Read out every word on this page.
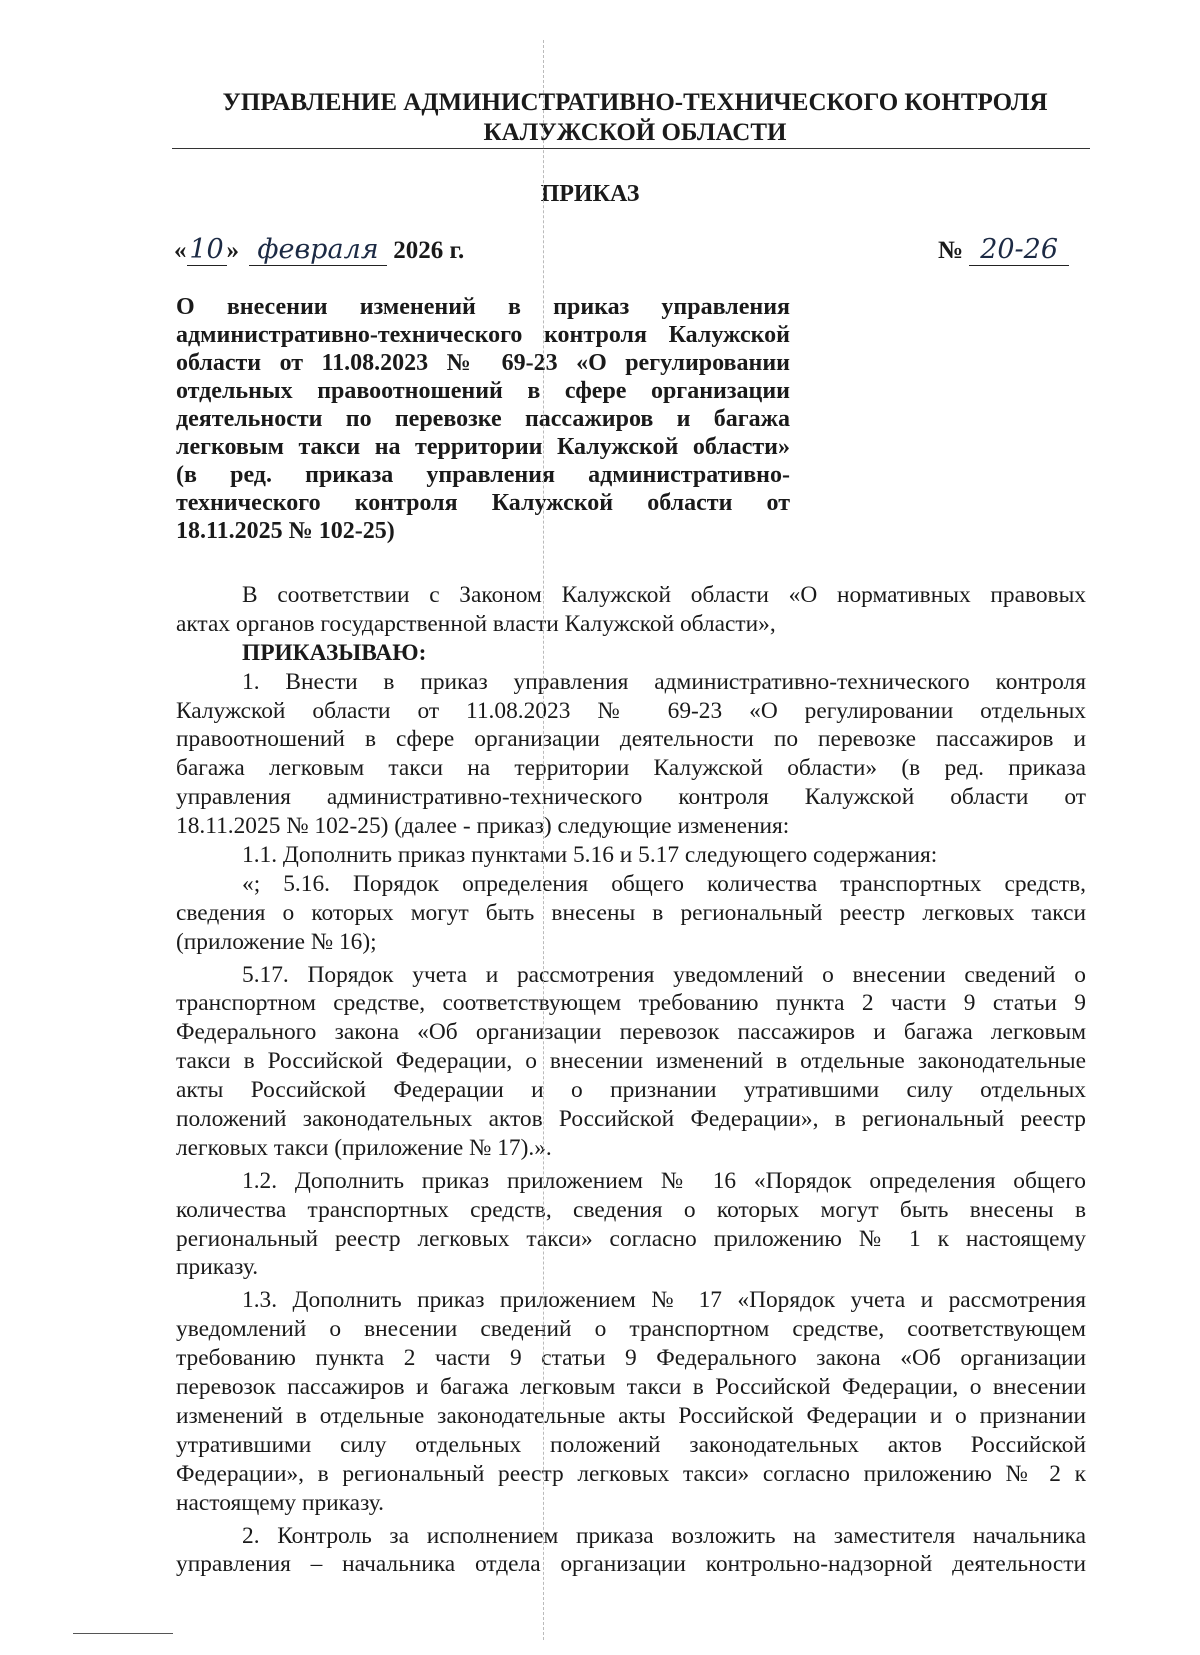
УПРАВЛЕНИЕ АДМИНИСТРАТИВНО-ТЕХНИЧЕСКОГО КОНТРОЛЯ
КАЛУЖСКОЙ ОБЛАСТИ
ПРИКАЗ
« 10 » февраля 2026 г.	№ 20-26
О внесении изменений в приказ управления
административно-технического контроля Калужской
области от 11.08.2023 № 69-23 «О регулировании
отдельных правоотношений в сфере организации
деятельности по перевозке пассажиров и багажа
легковым такси на территории Калужской области»
(в ред. приказа управления административно-
технического контроля Калужской области от
18.11.2025 № 102-25)
В соответствии с Законом Калужской области «О нормативных правовых
актах органов государственной власти Калужской области»,
ПРИКАЗЫВАЮ:
1. Внести в приказ управления административно-технического контроля
Калужской области от 11.08.2023 № 69-23 «О регулировании отдельных
правоотношений в сфере организации деятельности по перевозке пассажиров и
багажа легковым такси на территории Калужской области» (в ред. приказа
управления административно-технического контроля Калужской области от
18.11.2025 № 102-25) (далее - приказ) следующие изменения:
1.1. Дополнить приказ пунктами 5.16 и 5.17 следующего содержания:
«; 5.16. Порядок определения общего количества транспортных средств,
сведения о которых могут быть внесены в региональный реестр легковых такси
(приложение № 16);
5.17. Порядок учета и рассмотрения уведомлений о внесении сведений о
транспортном средстве, соответствующем требованию пункта 2 части 9 статьи 9
Федерального закона «Об организации перевозок пассажиров и багажа легковым
такси в Российской Федерации, о внесении изменений в отдельные законодательные
акты Российской Федерации и о признании утратившими силу отдельных
положений законодательных актов Российской Федерации», в региональный реестр
легковых такси (приложение № 17).».
1.2. Дополнить приказ приложением № 16 «Порядок определения общего
количества транспортных средств, сведения о которых могут быть внесены в
региональный реестр легковых такси» согласно приложению № 1 к настоящему
приказу.
1.3. Дополнить приказ приложением № 17 «Порядок учета и рассмотрения
уведомлений о внесении сведений о транспортном средстве, соответствующем
требованию пункта 2 части 9 статьи 9 Федерального закона «Об организации
перевозок пассажиров и багажа легковым такси в Российской Федерации, о внесении
изменений в отдельные законодательные акты Российской Федерации и о признании
утратившими силу отдельных положений законодательных актов Российской
Федерации», в региональный реестр легковых такси» согласно приложению № 2 к
настоящему приказу.
2. Контроль за исполнением приказа возложить на заместителя начальника
управления – начальника отдела организации контрольно-надзорной деятельности
